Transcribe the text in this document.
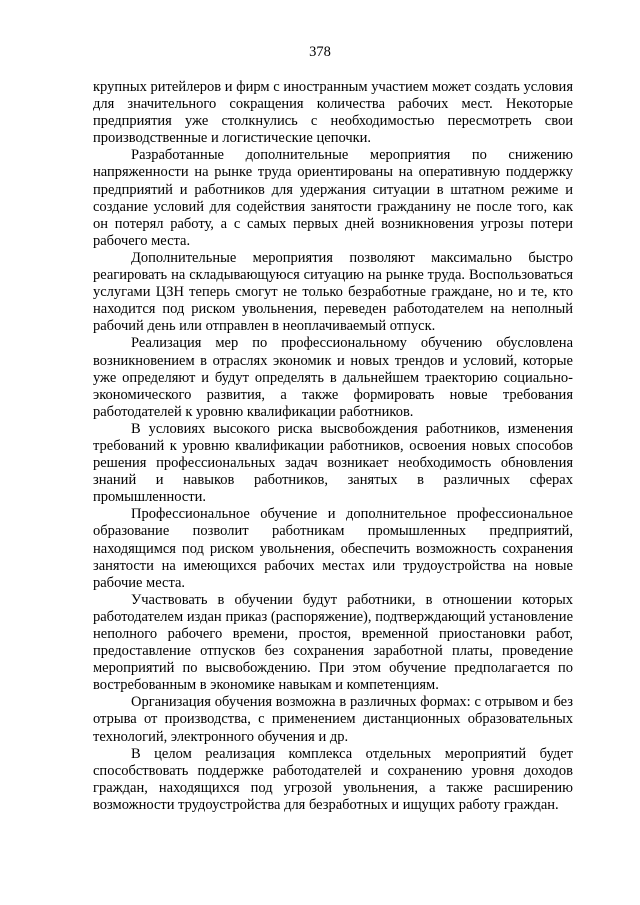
378

крупных ритейлеров и фирм с иностранным участием может создать условия для значительного сокращения количества рабочих мест. Некоторые предприятия уже столкнулись с необходимостью пересмотреть свои производственные и логистические цепочки.

Разработанные дополнительные мероприятия по снижению напряженности на рынке труда ориентированы на оперативную поддержку предприятий и работников для удержания ситуации в штатном режиме и создание условий для содействия занятости гражданину не после того, как он потерял работу, а с самых первых дней возникновения угрозы потери рабочего места.

Дополнительные мероприятия позволяют максимально быстро реагировать на складывающуюся ситуацию на рынке труда. Воспользоваться услугами ЦЗН теперь смогут не только безработные граждане, но и те, кто находится под риском увольнения, переведен работодателем на неполный рабочий день или отправлен в неоплачиваемый отпуск.

Реализация мер по профессиональному обучению обусловлена возникновением в отраслях экономик и новых трендов и условий, которые уже определяют и будут определять в дальнейшем траекторию социально-экономического развития, а также формировать новые требования работодателей к уровню квалификации работников.

В условиях высокого риска высвобождения работников, изменения требований к уровню квалификации работников, освоения новых способов решения профессиональных задач возникает необходимость обновления знаний и навыков работников, занятых в различных сферах промышленности.

Профессиональное обучение и дополнительное профессиональное образование позволит работникам промышленных предприятий, находящимся под риском увольнения, обеспечить возможность сохранения занятости на имеющихся рабочих местах или трудоустройства на новые рабочие места.

Участвовать в обучении будут работники, в отношении которых работодателем издан приказ (распоряжение), подтверждающий установление неполного рабочего времени, простоя, временной приостановки работ, предоставление отпусков без сохранения заработной платы, проведение мероприятий по высвобождению. При этом обучение предполагается по востребованным в экономике навыкам и компетенциям.

Организация обучения возможна в различных формах: с отрывом и без отрыва от производства, с применением дистанционных образовательных технологий, электронного обучения и др.

В целом реализация комплекса отдельных мероприятий будет способствовать поддержке работодателей и сохранению уровня доходов граждан, находящихся под угрозой увольнения, а также расширению возможности трудоустройства для безработных и ищущих работу граждан.
